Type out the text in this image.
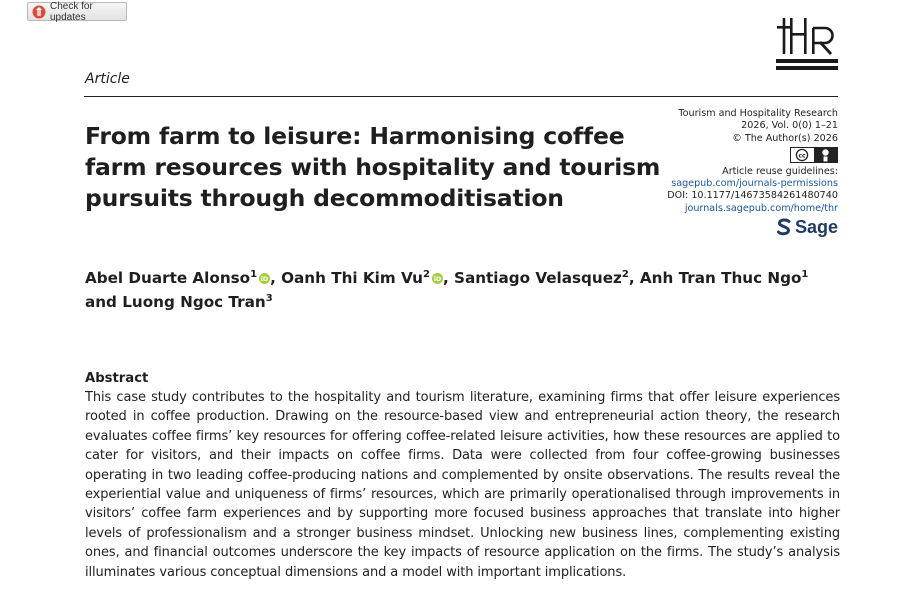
Check for updates
Article
From farm to leisure: Harmonising coffee farm resources with hospitality and tourism pursuits through decommoditisation
Tourism and Hospitality Research
2026, Vol. 0(0) 1–21
© The Author(s) 2026
cc
Article reuse guidelines:
sagepub.com/journals-permissions
DOI: 10.1177/14673584261480740
journals.sagepub.com/home/thr
Sage

Abel Duarte Alonso$^1$ iD , Oanh Thi Kim Vu$^2$ iD , Santiago Velasquez$^2$, Anh Tran Thuc Ngo$^1$ and Luong Ngoc Tran$^3$

Abstract

This case study contributes to the hospitality and tourism literature, examining firms that offer leisure experiences rooted in coffee production. Drawing on the resource-based view and entrepreneurial action theory, the research evaluates coffee firms’ key resources for offering coffee-related leisure activities, how these resources are applied to cater for visitors, and their impacts on coffee firms. Data were collected from four coffee-growing businesses operating in two leading coffee-producing nations and complemented by onsite observations. The results reveal the experiential value and uniqueness of firms’ resources, which are primarily operationalised through improvements in visitors’ coffee farm experiences and by supporting more focused business approaches that translate into higher levels of professionalism and a stronger business mindset. Unlocking new business lines, complementing existing ones, and financial outcomes underscore the key impacts of resource application on the firms. The study’s analysis illuminates various conceptual dimensions and a model with important implications.
